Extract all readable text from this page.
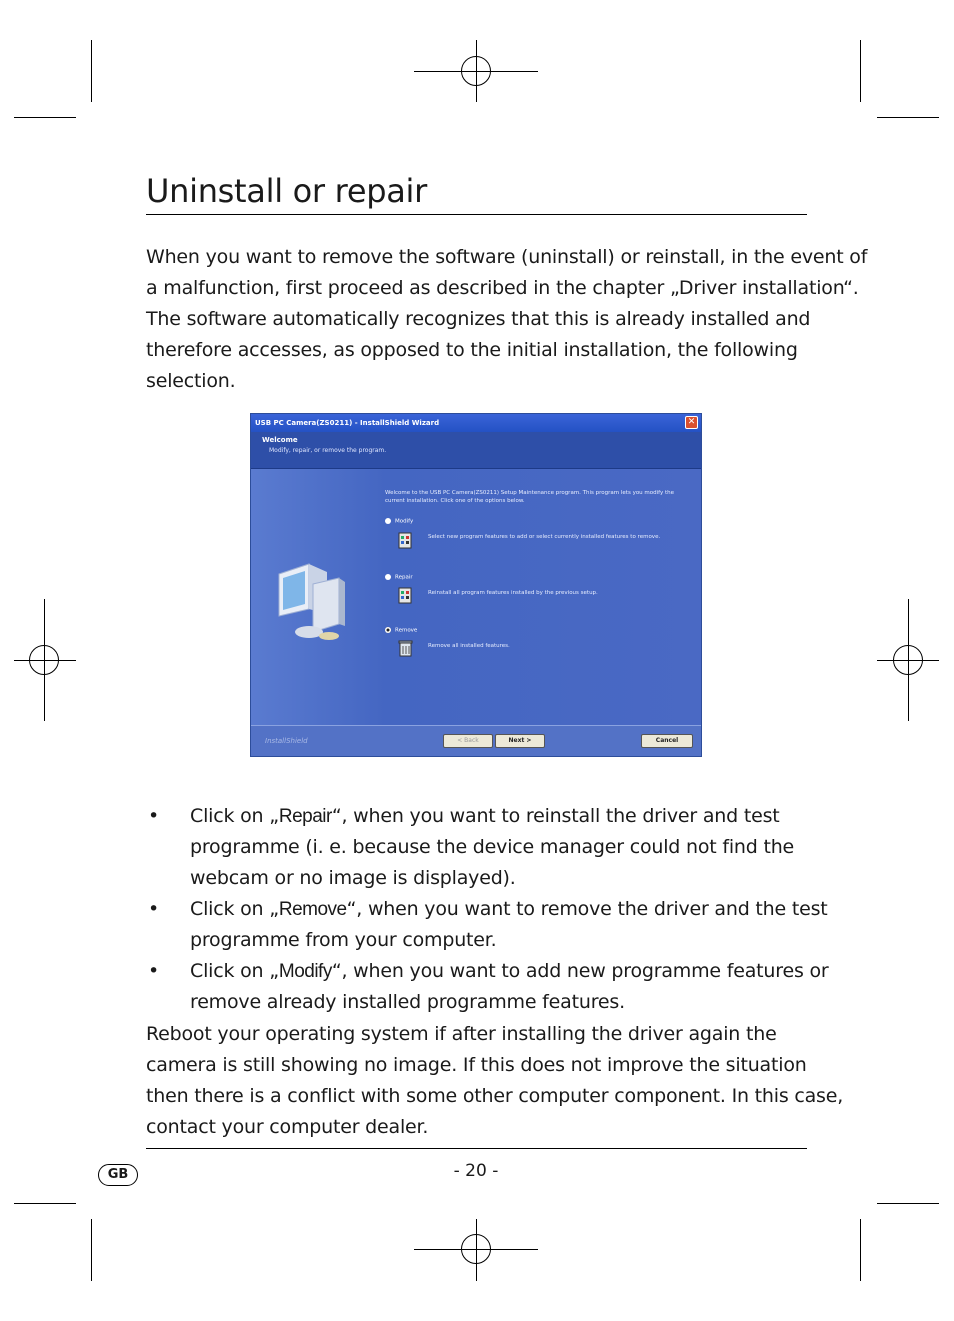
Uninstall or repair
When you want to remove the software (uninstall) or reinstall, in the event of
a malfunction, first proceed as described in the chapter „Driver installation“.
The software automatically recognizes that this is already installed and
therefore accesses, as opposed to the initial installation, the following
selection.
USB PC Camera(ZS0211) - InstallShield Wizard	✕
Welcome
Modify, repair, or remove the program.
Welcome to the USB PC Camera(ZS0211) Setup Maintenance program. This program lets you modify the current installation. Click one of the options below.
Modify
Select new program features to add or select currently installed features to remove.
Repair
Reinstall all program features installed by the previous setup.
Remove
Remove all installed features.
InstallShield	< Back	Next >	Cancel
• Click on „Repair“, when you want to reinstall the driver and test
programme (i. e. because the device manager could not find the
webcam or no image is displayed).
• Click on „Remove“, when you want to remove the driver and the test
programme from your computer.
• Click on „Modify“, when you want to add new programme features or
remove already installed programme features.
Reboot your operating system if after installing the driver again the
camera is still showing no image. If this does not improve the situation
then there is a conflict with some other computer component. In this case,
contact your computer dealer.
GB	- 20 -
